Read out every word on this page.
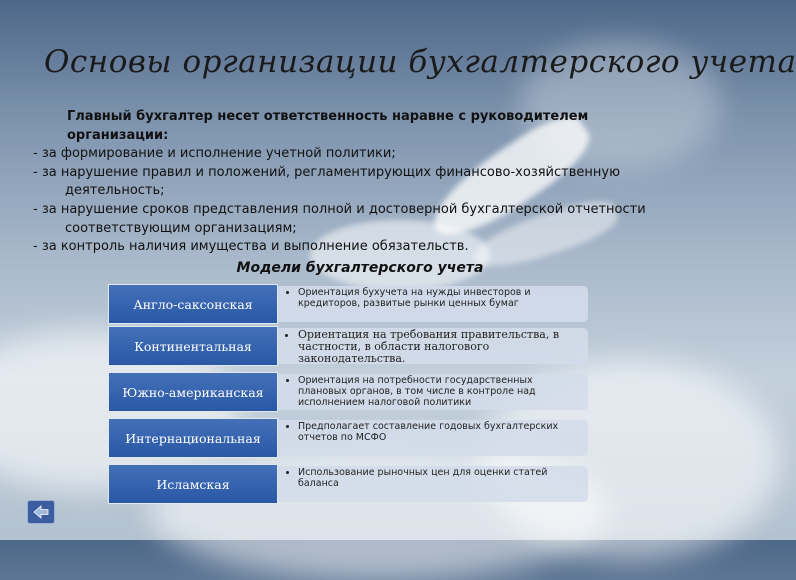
Основы организации бухгалтерского учета

Главный бухгалтер несет ответственность наравне с руководителем организации:

- за формирование и исполнение учетной политики;

- за нарушение правил и положений, регламентирующих финансово-хозяйственную

деятельность;

- за нарушение сроков представления полной и достоверной бухгалтерской отчетности

соответствующим организациям;

- за контроль наличия имущества и выполнение обязательств.

Модели бухгалтерского учета
Англо-саксонская
• Ориентация бухучета на нужды инвесторов и кредиторов, развитые рынки ценных бумаг
Континентальная
• Ориентация на требования правительства, в частности, в области налогового законодательства.
Южно-американская
• Ориентация на потребности государственных плановых органов, в том числе в контроле над исполнением налоговой политики
Интернациональная
• Предполагает составление годовых бухгалтерских отчетов по МСФО
Исламская
• Использование рыночных цен для оценки статей баланса
